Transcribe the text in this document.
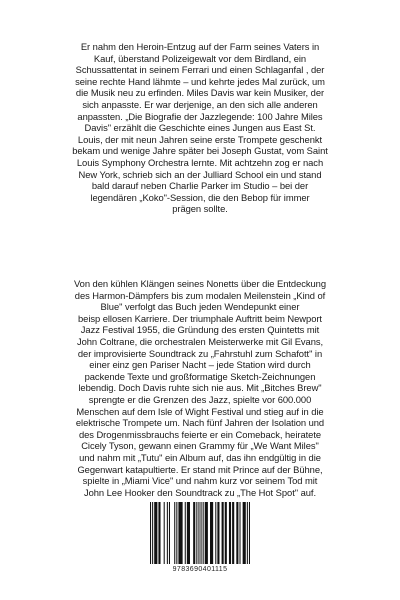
Er nahm den Heroin-Entzug auf der Farm seines Vaters in
Kauf, überstand Polizeigewalt vor dem Birdland, ein
Schussattentat in seinem Ferrari und einen Schlaganfal , der
seine rechte Hand lähmte – und kehrte jedes Mal zurück, um
die Musik neu zu erfinden. Miles Davis war kein Musiker, der
sich anpasste. Er war derjenige, an den sich alle anderen
anpassten. „Die Biografie der Jazzlegende: 100 Jahre Miles
Davis" erzählt die Geschichte eines Jungen aus East St.
Louis, der mit neun Jahren seine erste Trompete geschenkt
bekam und wenige Jahre später bei Joseph Gustat, vom Saint
Louis Symphony Orchestra lernte. Mit achtzehn zog er nach
New York, schrieb sich an der Julliard School ein und stand
bald darauf neben Charlie Parker im Studio – bei der
legendären „Koko"-Session, die den Bebop für immer
prägen sollte.
Von den kühlen Klängen seines Nonetts über die Entdeckung
des Harmon-Dämpfers bis zum modalen Meilenstein „Kind of
Blue" verfolgt das Buch jeden Wendepunkt einer
beisp ellosen Karriere. Der triumphale Auftritt beim Newport
Jazz Festival 1955, die Gründung des ersten Quintetts mit
John Coltrane, die orchestralen Meisterwerke mit Gil Evans,
der improvisierte Soundtrack zu „Fahrstuhl zum Schafott" in
einer einz gen Pariser Nacht – jede Station wird durch
packende Texte und großformatige Sketch-Zeichnungen
lebendig. Doch Davis ruhte sich nie aus. Mit „Bitches Brew"
sprengte er die Grenzen des Jazz, spielte vor 600.000
Menschen auf dem Isle of Wight Festival und stieg auf in die
elektrische Trompete um. Nach fünf Jahren der Isolation und
des Drogenmissbrauchs feierte er ein Comeback, heiratete
Cicely Tyson, gewann einen Grammy für „We Want Miles"
und nahm mit „Tutu" ein Album auf, das ihn endgültig in die
Gegenwart katapultierte. Er stand mit Prince auf der Bühne,
spielte in „Miami Vice" und nahm kurz vor seinem Tod mit
John Lee Hooker den Soundtrack zu „The Hot Spot" auf.
9783690401115
